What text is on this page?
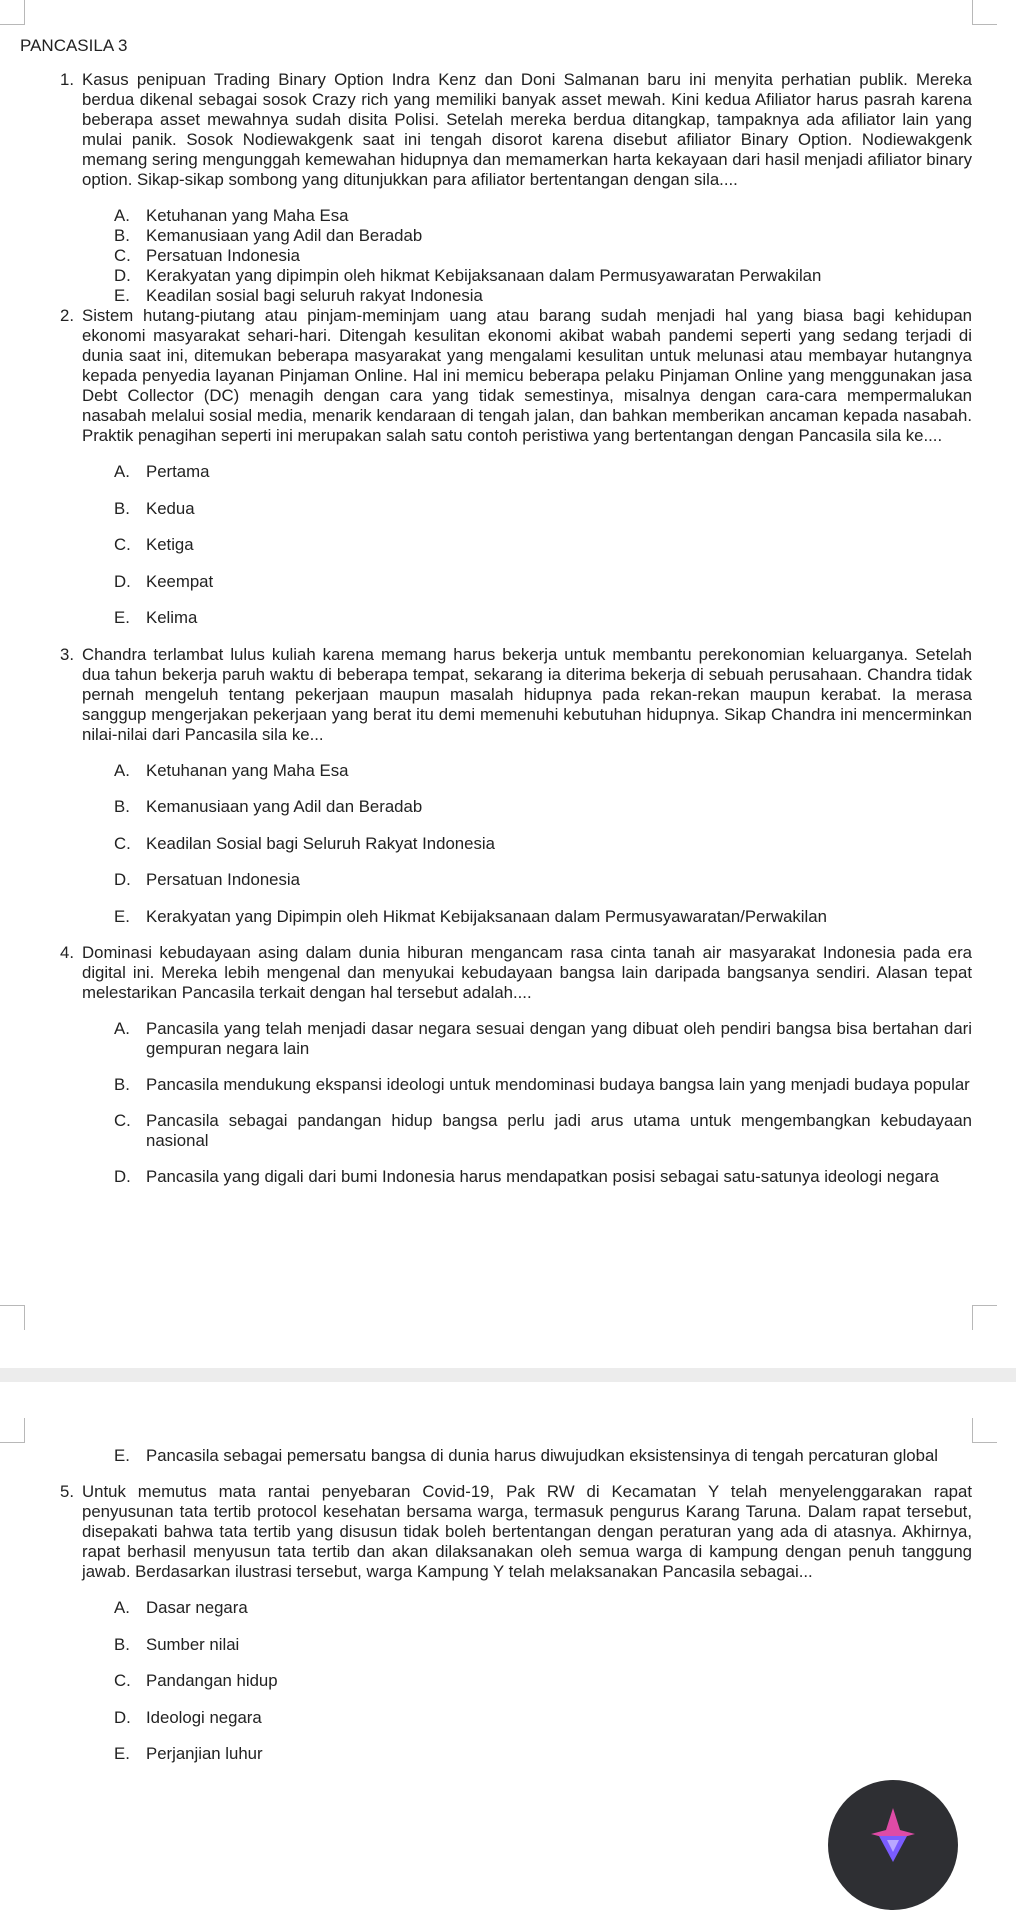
PANCASILA 3
1. Kasus penipuan Trading Binary Option Indra Kenz dan Doni Salmanan baru ini menyita perhatian publik. Mereka berdua dikenal sebagai sosok Crazy rich yang memiliki banyak asset mewah. Kini kedua Afiliator harus pasrah karena beberapa asset mewahnya sudah disita Polisi. Setelah mereka berdua ditangkap, tampaknya ada afiliator lain yang mulai panik. Sosok Nodiewakgenk saat ini tengah disorot karena disebut afiliator Binary Option. Nodiewakgenk memang sering mengunggah kemewahan hidupnya dan memamerkan harta kekayaan dari hasil menjadi afiliator binary option. Sikap-sikap sombong yang ditunjukkan para afiliator bertentangan dengan sila....
A. Ketuhanan yang Maha Esa
B. Kemanusiaan yang Adil dan Beradab
C. Persatuan Indonesia
D. Kerakyatan yang dipimpin oleh hikmat Kebijaksanaan dalam Permusyawaratan Perwakilan
E. Keadilan sosial bagi seluruh rakyat Indonesia
2. Sistem hutang-piutang atau pinjam-meminjam uang atau barang sudah menjadi hal yang biasa bagi kehidupan ekonomi masyarakat sehari-hari. Ditengah kesulitan ekonomi akibat wabah pandemi seperti yang sedang terjadi di dunia saat ini, ditemukan beberapa masyarakat yang mengalami kesulitan untuk melunasi atau membayar hutangnya kepada penyedia layanan Pinjaman Online. Hal ini memicu beberapa pelaku Pinjaman Online yang menggunakan jasa Debt Collector (DC) menagih dengan cara yang tidak semestinya, misalnya dengan cara-cara mempermalukan nasabah melalui sosial media, menarik kendaraan di tengah jalan, dan bahkan memberikan ancaman kepada nasabah. Praktik penagihan seperti ini merupakan salah satu contoh peristiwa yang bertentangan dengan Pancasila sila ke....
A. Pertama
B. Kedua
C. Ketiga
D. Keempat
E. Kelima
3. Chandra terlambat lulus kuliah karena memang harus bekerja untuk membantu perekonomian keluarganya. Setelah dua tahun bekerja paruh waktu di beberapa tempat, sekarang ia diterima bekerja di sebuah perusahaan. Chandra tidak pernah mengeluh tentang pekerjaan maupun masalah hidupnya pada rekan-rekan maupun kerabat. Ia merasa sanggup mengerjakan pekerjaan yang berat itu demi memenuhi kebutuhan hidupnya. Sikap Chandra ini mencerminkan nilai-nilai dari Pancasila sila ke...
A. Ketuhanan yang Maha Esa
B. Kemanusiaan yang Adil dan Beradab
C. Keadilan Sosial bagi Seluruh Rakyat Indonesia
D. Persatuan Indonesia
E. Kerakyatan yang Dipimpin oleh Hikmat Kebijaksanaan dalam Permusyawaratan/Perwakilan
4. Dominasi kebudayaan asing dalam dunia hiburan mengancam rasa cinta tanah air masyarakat Indonesia pada era digital ini. Mereka lebih mengenal dan menyukai kebudayaan bangsa lain daripada bangsanya sendiri. Alasan tepat melestarikan Pancasila terkait dengan hal tersebut adalah....
A. Pancasila yang telah menjadi dasar negara sesuai dengan yang dibuat oleh pendiri bangsa bisa bertahan dari gempuran negara lain
B. Pancasila mendukung ekspansi ideologi untuk mendominasi budaya bangsa lain yang menjadi budaya popular
C. Pancasila sebagai pandangan hidup bangsa perlu jadi arus utama untuk mengembangkan kebudayaan nasional
D. Pancasila yang digali dari bumi Indonesia harus mendapatkan posisi sebagai satu-satunya ideologi negara
E. Pancasila sebagai pemersatu bangsa di dunia harus diwujudkan eksistensinya di tengah percaturan global
5. Untuk memutus mata rantai penyebaran Covid-19, Pak RW di Kecamatan Y telah menyelenggarakan rapat penyusunan tata tertib protocol kesehatan bersama warga, termasuk pengurus Karang Taruna. Dalam rapat tersebut, disepakati bahwa tata tertib yang disusun tidak boleh bertentangan dengan peraturan yang ada di atasnya. Akhirnya, rapat berhasil menyusun tata tertib dan akan dilaksanakan oleh semua warga di kampung dengan penuh tanggung jawab. Berdasarkan ilustrasi tersebut, warga Kampung Y telah melaksanakan Pancasila sebagai...
A. Dasar negara
B. Sumber nilai
C. Pandangan hidup
D. Ideologi negara
E. Perjanjian luhur
